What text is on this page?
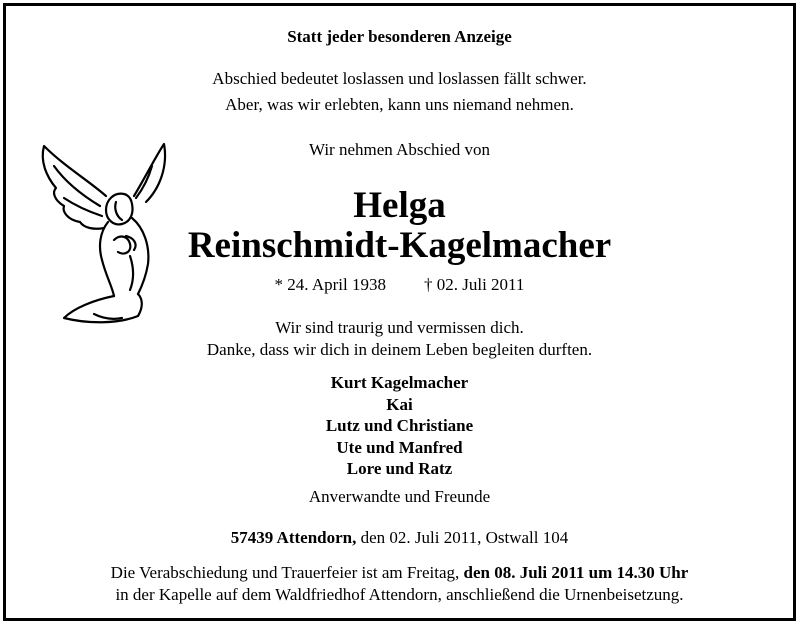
Statt jeder besonderen Anzeige
Abschied bedeutet loslassen und loslassen fällt schwer.
Aber, was wir erlebten, kann uns niemand nehmen.
Wir nehmen Abschied von
Helga
Reinschmidt-Kagelmacher
* 24. April 1938 † 02. Juli 2011
Wir sind traurig und vermissen dich.
Danke, dass wir dich in deinem Leben begleiten durften.
Kurt Kagelmacher
Kai
Lutz und Christiane
Ute und Manfred
Lore und Ratz
Anverwandte und Freunde
57439 Attendorn, den 02. Juli 2011, Ostwall 104
Die Verabschiedung und Trauerfeier ist am Freitag, den 08. Juli 2011 um 14.30 Uhr
in der Kapelle auf dem Waldfriedhof Attendorn, anschließend die Urnenbeisetzung.
